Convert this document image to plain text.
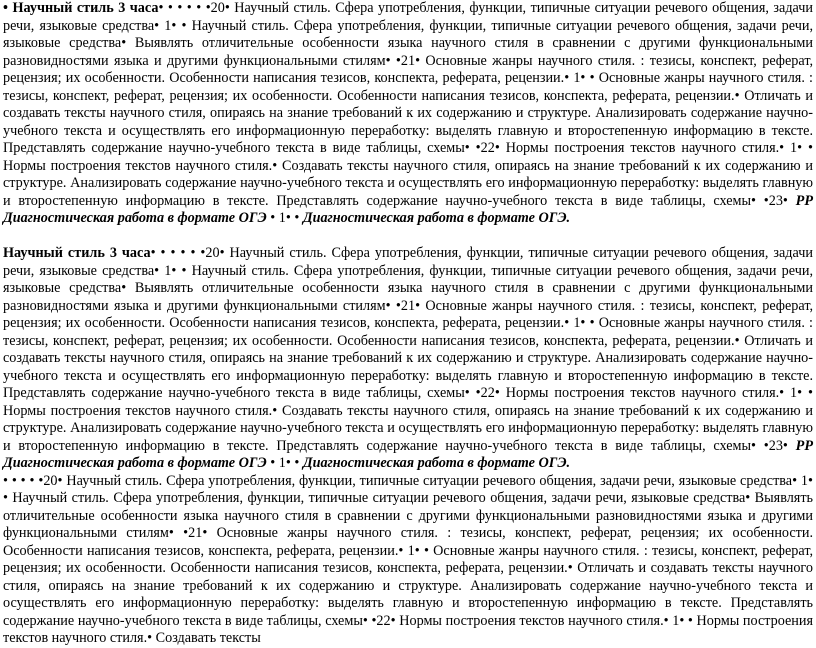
• Научный стиль 3 часа• • • • • •20• Научный стиль. Сфера употребления, функции, типичные ситуации речевого общения, задачи речи, языковые средства• 1• • Научный стиль. Сфера употребления, функции, типичные ситуации речевого общения, задачи речи, языковые средства• Выявлять отличительные особенности языка научного стиля в сравнении с другими функциональными разновидностями языка и другими функциональными стилям• •21• Основные жанры научного стиля. : тезисы, конспект, реферат, рецензия; их особенности. Особенности написания тезисов, конспекта, реферата, рецензии.• 1• • Основные жанры научного стиля. : тезисы, конспект, реферат, рецензия; их особенности. Особенности написания тезисов, конспекта, реферата, рецензии.• Отличать и создавать тексты научного стиля, опираясь на знание требований к их содержанию и структуре. Анализировать содержание научно-учебного текста и осуществлять его информационную переработку: выделять главную и второстепенную информацию в тексте. Представлять содержание научно-учебного текста в виде таблицы, схемы• •22• Нормы построения текстов научного стиля.• 1• • Нормы построения текстов научного стиля.• Создавать тексты научного стиля, опираясь на знание требований к их содержанию и структуре. Анализировать содержание научно-учебного текста и осуществлять его информационную переработку: выделять главную и второстепенную информацию в тексте. Представлять содержание научно-учебного текста в виде таблицы, схемы• •23• РР Диагностическая работа в формате ОГЭ • 1• • Диагностическая работа в формате ОГЭ.

Научный стиль 3 часа• • • • • •20• Научный стиль. Сфера употребления, функции, типичные ситуации речевого общения, задачи речи, языковые средства• 1• • Научный стиль. Сфера употребления, функции, типичные ситуации речевого общения, задачи речи, языковые средства• Выявлять отличительные особенности языка научного стиля в сравнении с другими функциональными разновидностями языка и другими функциональными стилям• •21• Основные жанры научного стиля. : тезисы, конспект, реферат, рецензия; их особенности. Особенности написания тезисов, конспекта, реферата, рецензии.• 1• • Основные жанры научного стиля. : тезисы, конспект, реферат, рецензия; их особенности. Особенности написания тезисов, конспекта, реферата, рецензии.• Отличать и создавать тексты научного стиля, опираясь на знание требований к их содержанию и структуре. Анализировать содержание научно-учебного текста и осуществлять его информационную переработку: выделять главную и второстепенную информацию в тексте. Представлять содержание научно-учебного текста в виде таблицы, схемы• •22• Нормы построения текстов научного стиля.• 1• • Нормы построения текстов научного стиля.• Создавать тексты научного стиля, опираясь на знание требований к их содержанию и структуре. Анализировать содержание научно-учебного текста и осуществлять его информационную переработку: выделять главную и второстепенную информацию в тексте. Представлять содержание научно-учебного текста в виде таблицы, схемы• •23• РР Диагностическая работа в формате ОГЭ • 1• • Диагностическая работа в формате ОГЭ.

• • • • •20• Научный стиль. Сфера употребления, функции, типичные ситуации речевого общения, задачи речи, языковые средства• 1• • Научный стиль. Сфера употребления, функции, типичные ситуации речевого общения, задачи речи, языковые средства• Выявлять отличительные особенности языка научного стиля в сравнении с другими функциональными разновидностями языка и другими функциональными стилям• •21• Основные жанры научного стиля. : тезисы, конспект, реферат, рецензия; их особенности. Особенности написания тезисов, конспекта, реферата, рецензии.• 1• • Основные жанры научного стиля. : тезисы, конспект, реферат, рецензия; их особенности. Особенности написания тезисов, конспекта, реферата, рецензии.• Отличать и создавать тексты научного стиля, опираясь на знание требований к их содержанию и структуре. Анализировать содержание научно-учебного текста и осуществлять его информационную переработку: выделять главную и второстепенную информацию в тексте. Представлять содержание научно-учебного текста в виде таблицы, схемы• •22• Нормы построения текстов научного стиля.• 1• • Нормы построения текстов научного стиля.• Создавать тексты
